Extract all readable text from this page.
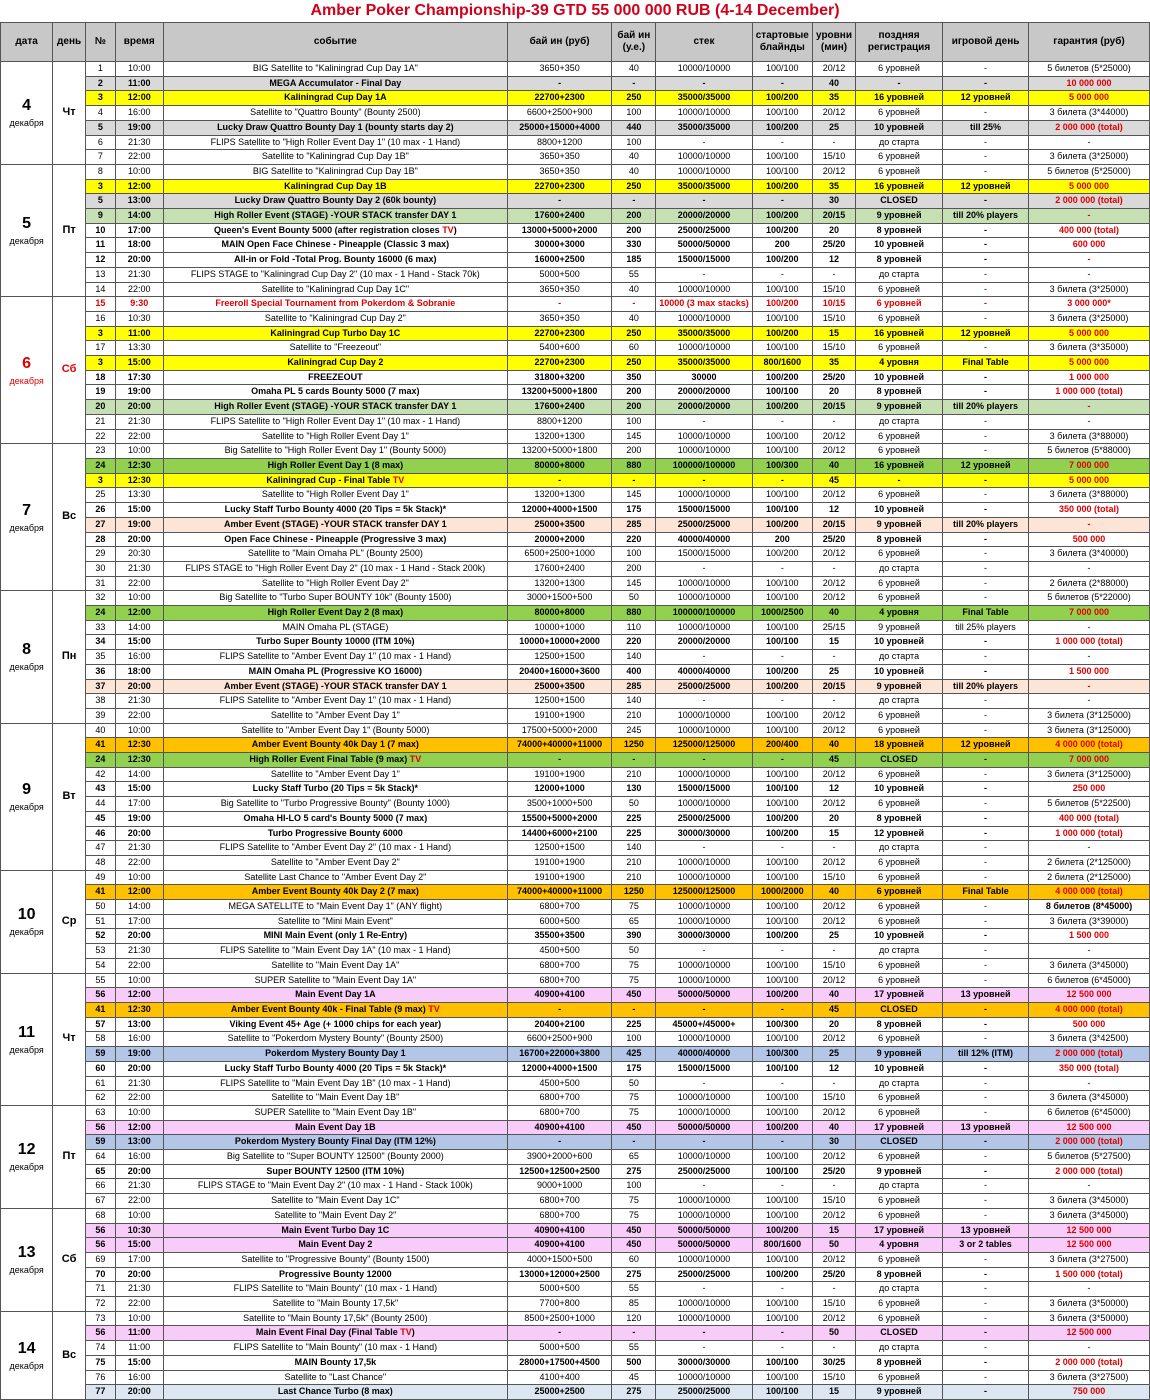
Amber Poker Championship-39 GTD 55 000 000 RUB (4-14 December)
дата	день	№	время	событие	бай ин (руб)	бай ин (у.е.)	стек	стартовые блайнды	уровни (мин)	поздняя регистрация	игровой день	гарантия (руб)

4
декабря	Чт	1	10:00	BIG Satellite to "Kaliningrad Cup Day 1A"	3650+350	40	10000/10000	100/100	20/12	6 уровней	-	5 билетов (5*25000)
		2	11:00	MEGA Accumulator - Final Day	-	-	-	-	40	-	-	10 000 000
		3	12:00	Kaliningrad Cup Day 1A	22700+2300	250	35000/35000	100/200	35	16 уровней	12 уровней	5 000 000
		4	16:00	Satellite to "Quattro Bounty" (Bounty 2500)	6600+2500+900	100	10000/10000	100/100	20/12	6 уровней	-	3 билета (3*44000)
		5	19:00	Lucky Draw Quattro Bounty Day 1 (bounty starts day 2)	25000+15000+4000	440	35000/35000	100/200	25	10 уровней	till 25%	2 000 000 (total)
		6	21:30	FLIPS Satellite to "High Roller Event Day 1" (10 max - 1 Hand)	8800+1200	100	-	-	-	до старта	-	-
		7	22:00	Satellite to "Kaliningrad Cup Day 1B"	3650+350	40	10000/10000	100/100	15/10	6 уровней	-	3 билета (3*25000)

5
декабря	Пт	8	10:00	BIG Satellite to "Kaliningrad Cup Day 1B"	3650+350	40	10000/10000	100/100	20/12	6 уровней	-	5 билетов (5*25000)
		3	12:00	Kaliningrad Cup Day 1B	22700+2300	250	35000/35000	100/200	35	16 уровней	12 уровней	5 000 000
		5	13:00	Lucky Draw Quattro Bounty Day 2 (60k bounty)	-	-	-	-	30	CLOSED	-	2 000 000 (total)
		9	14:00	High Roller Event (STAGE) -YOUR STACK transfer DAY 1	17600+2400	200	20000/20000	100/200	20/15	9 уровней	till 20% players	-
		10	17:00	Queen's Event Bounty 5000 (after registration closes TV)	13000+5000+2000	200	25000/25000	100/200	20	8 уровней	-	400 000 (total)
		11	18:00	MAIN Open Face Chinese - Pineapple (Classic 3 max)	30000+3000	330	50000/50000	200	25/20	10 уровней	-	600 000
		12	20:00	All-in or Fold -Total Prog. Bounty 16000 (6 max)	16000+2500	185	15000/15000	100/200	12	8 уровней	-	-
		13	21:30	FLIPS STAGE to "Kaliningrad Cup Day 2" (10 max - 1 Hand - Stack 70k)	5000+500	55	-	-	-	до старта	-	-
		14	22:00	Satellite to "Kaliningrad Cup Day 1C"	3650+350	40	10000/10000	100/100	15/10	6 уровней	-	3 билета (3*25000)

6
декабря	Сб	15	9:30	Freeroll Special Tournament from Pokerdom & Sobranie	-	-	10000 (3 max stacks)	100/200	10/15	6 уровней	-	3 000 000*
		16	10:30	Satellite to "Kaliningrad Cup Day 2"	3650+350	40	10000/10000	100/100	15/10	6 уровней	-	3 билета (3*25000)
		3	11:00	Kaliningrad Cup Turbo Day 1C	22700+2300	250	35000/35000	100/200	15	16 уровней	12 уровней	5 000 000
		17	13:30	Satellite to "Freezeout"	5400+600	60	10000/10000	100/100	15/10	6 уровней	-	3 билета (3*35000)
		3	15:00	Kaliningrad Cup Day 2	22700+2300	250	35000/35000	800/1600	35	4 уровня	Final Table	5 000 000
		18	17:30	FREEZEOUT	31800+3200	350	30000	100/200	25/20	10 уровней	-	1 000 000
		19	19:00	Omaha PL 5 cards Bounty 5000 (7 max)	13200+5000+1800	200	20000/20000	100/100	20	8 уровней	-	1 000 000 (total)
		20	20:00	High Roller Event (STAGE) -YOUR STACK transfer DAY 1	17600+2400	200	20000/20000	100/200	20/15	9 уровней	till 20% players	-
		21	21:30	FLIPS Satellite to "High Roller Event Day 1" (10 max - 1 Hand)	8800+1200	100	-	-	-	до старта	-	-
		22	22:00	Satellite to "High Roller Event Day 1"	13200+1300	145	10000/10000	100/100	20/12	6 уровней	-	3 билета (3*88000)

7
декабря	Вс	23	10:00	Big Satellite to "High Roller Event Day 1" (Bounty 5000)	13200+5000+1800	200	10000/10000	100/100	20/12	6 уровней	-	5 билетов (5*88000)
		24	12:30	High Roller Event Day 1 (8 max)	80000+8000	880	100000/100000	100/300	40	16 уровней	12 уровней	7 000 000
		3	12:30	Kaliningrad Cup - Final Table TV	-	-	-	-	45	-	-	5 000 000
		25	13:30	Satellite to "High Roller Event Day 1"	13200+1300	145	10000/10000	100/100	20/12	6 уровней	-	3 билета (3*88000)
		26	15:00	Lucky Staff Turbo Bounty 4000 (20 Tips = 5k Stack)*	12000+4000+1500	175	15000/15000	100/100	12	10 уровней	-	350 000 (total)
		27	19:00	Amber Event (STAGE) -YOUR STACK transfer DAY 1	25000+3500	285	25000/25000	100/200	20/15	9 уровней	till 20% players	-
		28	20:00	Open Face Chinese - Pineapple (Progressive 3 max)	20000+2000	220	40000/40000	200	25/20	8 уровней	-	500 000
		29	20:30	Satellite to "Main Omaha PL" (Bounty 2500)	6500+2500+1000	100	15000/15000	100/200	20/12	6 уровней	-	3 билета (3*40000)
		30	21:30	FLIPS STAGE to "High Roller Event Day 2" (10 max - 1 Hand - Stack 200k)	17600+2400	200	-	-	-	до старта	-	-
		31	22:00	Satellite to "High Roller Event Day 2"	13200+1300	145	10000/10000	100/100	20/12	6 уровней	-	2 билета (2*88000)

8
декабря	Пн	32	10:00	Big Satellite to "Turbo Super BOUNTY 10k" (Bounty 1500)	3000+1500+500	50	10000/10000	100/100	20/12	6 уровней	-	5 билетов (5*22000)
		24	12:00	High Roller Event Day 2 (8 max)	80000+8000	880	100000/100000	1000/2500	40	4 уровня	Final Table	7 000 000
		33	14:00	MAIN Omaha PL (STAGE)	10000+1000	110	10000/10000	100/100	25/15	9 уровней	till 25% players	-
		34	15:00	Turbo Super Bounty 10000 (ITM 10%)	10000+10000+2000	220	20000/20000	100/100	15	10 уровней	-	1 000 000 (total)
		35	16:00	FLIPS Satellite to "Amber Event Day 1" (10 max - 1 Hand)	12500+1500	140	-	-	-	до старта	-	-
		36	18:00	MAIN Omaha PL (Progressive KO 16000)	20400+16000+3600	400	40000/40000	100/200	25	10 уровней	-	1 500 000
		37	20:00	Amber Event (STAGE) -YOUR STACK transfer DAY 1	25000+3500	285	25000/25000	100/200	20/15	9 уровней	till 20% players	-
		38	21:30	FLIPS Satellite to "Amber Event Day 1" (10 max - 1 Hand)	12500+1500	140	-	-	-	до старта	-	-
		39	22:00	Satellite to "Amber Event Day 1"	19100+1900	210	10000/10000	100/100	20/12	6 уровней	-	3 билета (3*125000)

9
декабря	Вт	40	10:00	Satellite to "Amber Event Day 1" (Bounty 5000)	17500+5000+2000	245	10000/10000	100/100	20/12	6 уровней	-	3 билета (3*125000)
		41	12:30	Amber Event Bounty 40k Day 1 (7 max)	74000+40000+11000	1250	125000/125000	200/400	40	18 уровней	12 уровней	4 000 000 (total)
		24	12:30	High Roller Event Final Table (9 max) TV	-	-	-	-	45	CLOSED	-	7 000 000
		42	14:00	Satellite to "Amber Event Day 1"	19100+1900	210	10000/10000	100/100	20/12	6 уровней	-	3 билета (3*125000)
		43	15:00	Lucky Staff Turbo (20 Tips = 5k Stack)*	12000+1000	130	15000/15000	100/100	12	10 уровней	-	250 000
		44	17:00	Big Satellite to "Turbo Progressive Bounty" (Bounty 1000)	3500+1000+500	50	10000/10000	100/100	20/12	6 уровней	-	5 билетов (5*22500)
		45	19:00	Omaha HI-LO 5 card's Bounty 5000 (7 max)	15500+5000+2000	225	25000/25000	100/200	20	8 уровней	-	400 000 (total)
		46	20:00	Turbo Progressive Bounty 6000	14400+6000+2100	225	30000/30000	100/200	15	12 уровней	-	1 000 000 (total)
		47	21:30	FLIPS Satellite to "Amber Event Day 2" (10 max - 1 Hand)	12500+1500	140	-	-	-	до старта	-	-
		48	22:00	Satellite to "Amber Event Day 2"	19100+1900	210	10000/10000	100/100	20/12	6 уровней	-	2 билета (2*125000)

10
декабря	Ср	49	10:00	Satellite Last Chance to "Amber Event Day 2"	19100+1900	210	10000/10000	100/100	15/10	6 уровней	-	2 билета (2*125000)
		41	12:00	Amber Event Bounty 40k Day 2 (7 max)	74000+40000+11000	1250	125000/125000	1000/2000	40	6 уровней	Final Table	4 000 000 (total)
		50	14:00	MEGA SATELLITE to "Main Event Day 1" (ANY flight)	6800+700	75	10000/10000	100/100	20/12	6 уровней	-	8 билетов (8*45000)
		51	17:00	Satellite to "Mini Main Event"	6000+500	65	10000/10000	100/100	20/12	6 уровней	-	3 билета (3*39000)
		52	20:00	MINI Main Event (only 1 Re-Entry)	35500+3500	390	30000/30000	100/200	25	10 уровней	-	1 500 000
		53	21:30	FLIPS Satellite to "Main Event Day 1A" (10 max - 1 Hand)	4500+500	50	-	-	-	до старта	-	-
		54	22:00	Satellite to "Main Event Day 1A"	6800+700	75	10000/10000	100/100	15/10	6 уровней	-	3 билета (3*45000)

11
декабря	Чт	55	10:00	SUPER Satellite to "Main Event Day 1A"	6800+700	75	10000/10000	100/100	20/12	6 уровней	-	6 билетов (6*45000)
		56	12:00	Main Event Day 1A	40900+4100	450	50000/50000	100/200	40	17 уровней	13 уровней	12 500 000
		41	12:30	Amber Event Bounty 40k - Final Table (9 max) TV	-	-	-	-	45	CLOSED	-	4 000 000 (total)
		57	13:00	Viking Event 45+ Age (+ 1000 chips for each year)	20400+2100	225	45000+/45000+	100/300	20	8 уровней	-	500 000
		58	16:00	Satellite to "Pokerdom Mystery Bounty" (Bounty 2500)	6600+2500+900	100	10000/10000	100/100	20/12	6 уровней	-	3 билета (3*42500)
		59	19:00	Pokerdom Mystery Bounty Day 1	16700+22000+3800	425	40000/40000	100/300	25	9 уровней	till 12% (ITM)	2 000 000 (total)
		60	20:00	Lucky Staff Turbo Bounty 4000 (20 Tips = 5k Stack)*	12000+4000+1500	175	15000/15000	100/100	12	10 уровней	-	350 000 (total)
		61	21:30	FLIPS Satellite to "Main Event Day 1B" (10 max - 1 Hand)	4500+500	50	-	-	-	до старта	-	-
		62	22:00	Satellite to "Main Event Day 1B"	6800+700	75	10000/10000	100/100	15/10	6 уровней	-	3 билета (3*45000)

12
декабря	Пт	63	10:00	SUPER Satellite to "Main Event Day 1B"	6800+700	75	10000/10000	100/100	20/12	6 уровней	-	6 билетов (6*45000)
		56	12:00	Main Event Day 1B	40900+4100	450	50000/50000	100/200	40	17 уровней	13 уровней	12 500 000
		59	13:00	Pokerdom Mystery Bounty Final Day (ITM 12%)	-	-	-	-	30	CLOSED	-	2 000 000 (total)
		64	16:00	Big Satellite to "Super BOUNTY 12500" (Bounty 2000)	3900+2000+600	65	10000/10000	100/100	20/12	6 уровней	-	5 билетов (5*27500)
		65	20:00	Super BOUNTY 12500 (ITM 10%)	12500+12500+2500	275	25000/25000	100/100	25/20	9 уровней	-	2 000 000 (total)
		66	21:30	FLIPS STAGE to "Main Event Day 2" (10 max - 1 Hand - Stack 100k)	9000+1000	100	-	-	-	до старта	-	-
		67	22:00	Satellite to "Main Event Day 1C"	6800+700	75	10000/10000	100/100	15/10	6 уровней	-	3 билета (3*45000)

13
декабря	Сб	68	10:00	Satellite to "Main Event Day 2"	6800+700	75	10000/10000	100/100	20/12	6 уровней	-	3 билета (3*45000)
		56	10:30	Main Event Turbo Day 1C	40900+4100	450	50000/50000	100/200	15	17 уровней	13 уровней	12 500 000
		56	15:00	Main Event Day 2	40900+4100	450	50000/50000	800/1600	50	4 уровня	3 or 2 tables	12 500 000
		69	17:00	Satellite to "Progressive Bounty" (Bounty 1500)	4000+1500+500	60	10000/10000	100/100	20/12	6 уровней	-	3 билета (3*27500)
		70	20:00	Progressive Bounty 12000	13000+12000+2500	275	25000/25000	100/200	25/20	8 уровней	-	1 500 000 (total)
		71	21:30	FLIPS Satellite to "Main Bounty" (10 max - 1 Hand)	5000+500	55	-	-	-	до старта	-	-
		72	22:00	Satellite to "Main Bounty 17,5k"	7700+800	85	10000/10000	100/100	15/10	6 уровней	-	3 билета (3*50000)

14
декабря	Вс	73	10:00	Satellite to "Main Bounty 17,5k" (Bounty 2500)	8500+2500+1000	120	10000/10000	100/100	20/12	6 уровней	-	3 билета (3*50000)
		56	11:00	Main Event Final Day (Final Table TV)	-	-	-	-	50	CLOSED	-	12 500 000
		74	11:00	FLIPS Satellite to "Main Bounty" (10 max - 1 Hand)	5000+500	55	-	-	-	до старта	-	-
		75	15:00	MAIN Bounty 17,5k	28000+17500+4500	500	30000/30000	100/100	30/25	8 уровней	-	2 000 000 (total)
		76	16:00	Satellite to "Last Chance"	4100+400	45	10000/10000	100/100	15/10	6 уровней	-	3 билета (3*27500)
		77	20:00	Last Chance Turbo (8 max)	25000+2500	275	25000/25000	100/100	15	9 уровней	-	750 000
